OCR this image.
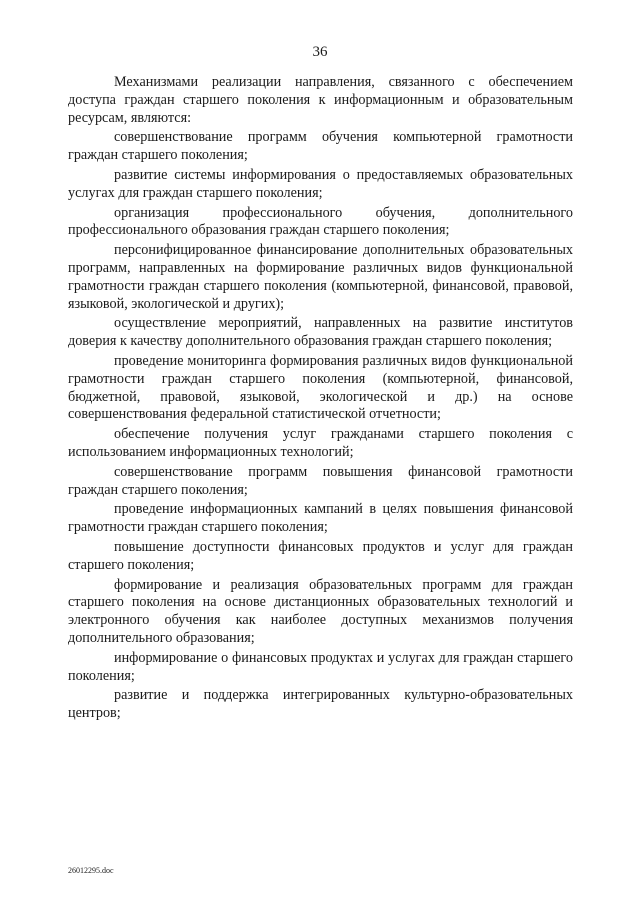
36

Механизмами реализации направления, связанного с обеспечением доступа граждан старшего поколения к информационным и образовательным ресурсам, являются:

совершенствование программ обучения компьютерной грамотности граждан старшего поколения;

развитие системы информирования о предоставляемых образовательных услугах для граждан старшего поколения;

организация профессионального обучения, дополнительного профессионального образования граждан старшего поколения;

персонифицированное финансирование дополнительных образовательных программ, направленных на формирование различных видов функциональной грамотности граждан старшего поколения (компьютерной, финансовой, правовой, языковой, экологической и других);

осуществление мероприятий, направленных на развитие институтов доверия к качеству дополнительного образования граждан старшего поколения;

проведение мониторинга формирования различных видов функциональной грамотности граждан старшего поколения (компьютерной, финансовой, бюджетной, правовой, языковой, экологической и др.) на основе совершенствования федеральной статистической отчетности;

обеспечение получения услуг гражданами старшего поколения с использованием информационных технологий;

совершенствование программ повышения финансовой грамотности граждан старшего поколения;

проведение информационных кампаний в целях повышения финансовой грамотности граждан старшего поколения;

повышение доступности финансовых продуктов и услуг для граждан старшего поколения;

формирование и реализация образовательных программ для граждан старшего поколения на основе дистанционных образовательных технологий и электронного обучения как наиболее доступных механизмов получения дополнительного образования;

информирование о финансовых продуктах и услугах для граждан старшего поколения;

развитие и поддержка интегрированных культурно-образовательных центров;

26012295.doc
